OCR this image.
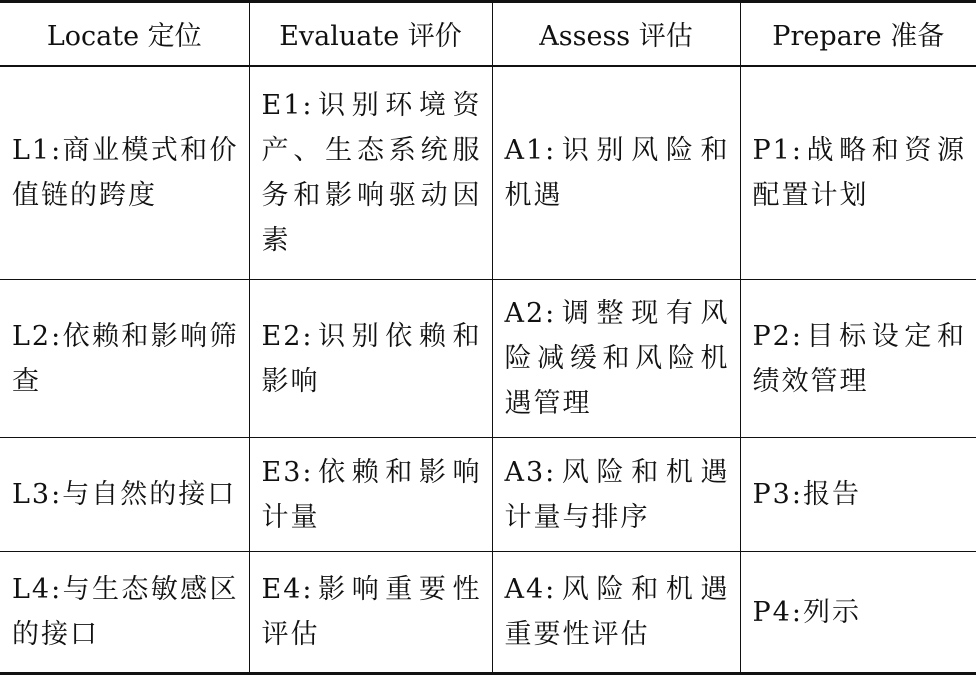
Locate 定位	Evaluate 评价	Assess 评估	Prepare 准备
L1:商业模式和价值链的跨度	E1:识别环境资产、生态系统服务和影响驱动因素	A1:识别风险和机遇	P1:战略和资源配置计划
L2:依赖和影响筛查	E2:识别依赖和影响	A2:调整现有风险减缓和风险机遇管理	P2:目标设定和绩效管理
L3:与自然的接口	E3:依赖和影响计量	A3:风险和机遇计量与排序	P3:报告
L4:与生态敏感区的接口	E4:影响重要性评估	A4:风险和机遇重要性评估	P4:列示
